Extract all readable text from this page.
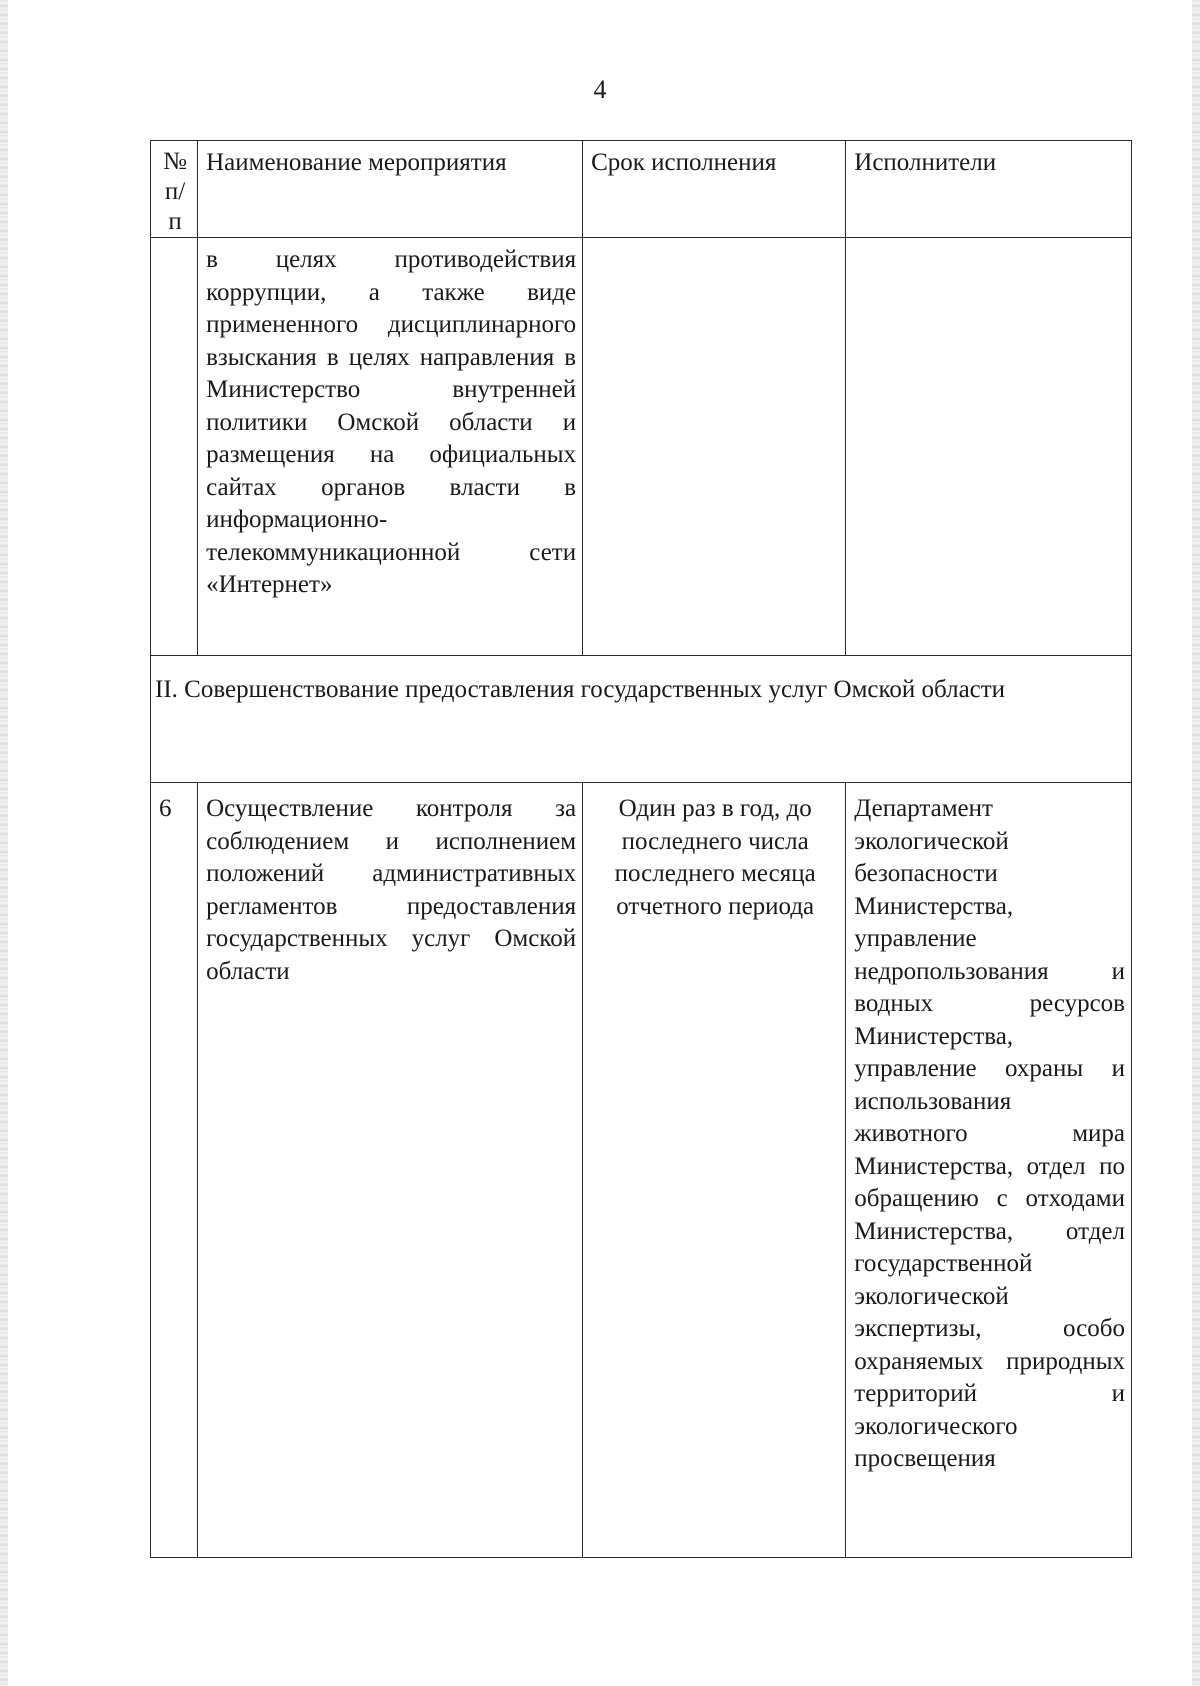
4
№ п/п	Наименование мероприятия	Срок исполнения	Исполнители
	в целях противодействия коррупции, а также виде примененного дисциплинарного взыскания в целях направления в Министерство внутренней политики Омской области и размещения на официальных сайтах органов власти в информационно-телекоммуникационной сети «Интернет»		
II. Совершенствование предоставления государственных услуг Омской области			
6	Осуществление контроля за соблюдением и исполнением положений административных регламентов предоставления государственных услуг Омской области	Один раз в год, до последнего числа последнего месяца отчетного периода	Департамент экологической безопасности Министерства, управление недропользования и водных ресурсов Министерства, управление охраны и использования животного мира Министерства, отдел по обращению с отходами Министерства, отдел государственной экологической экспертизы, особо охраняемых природных территорий и экологического просвещения
